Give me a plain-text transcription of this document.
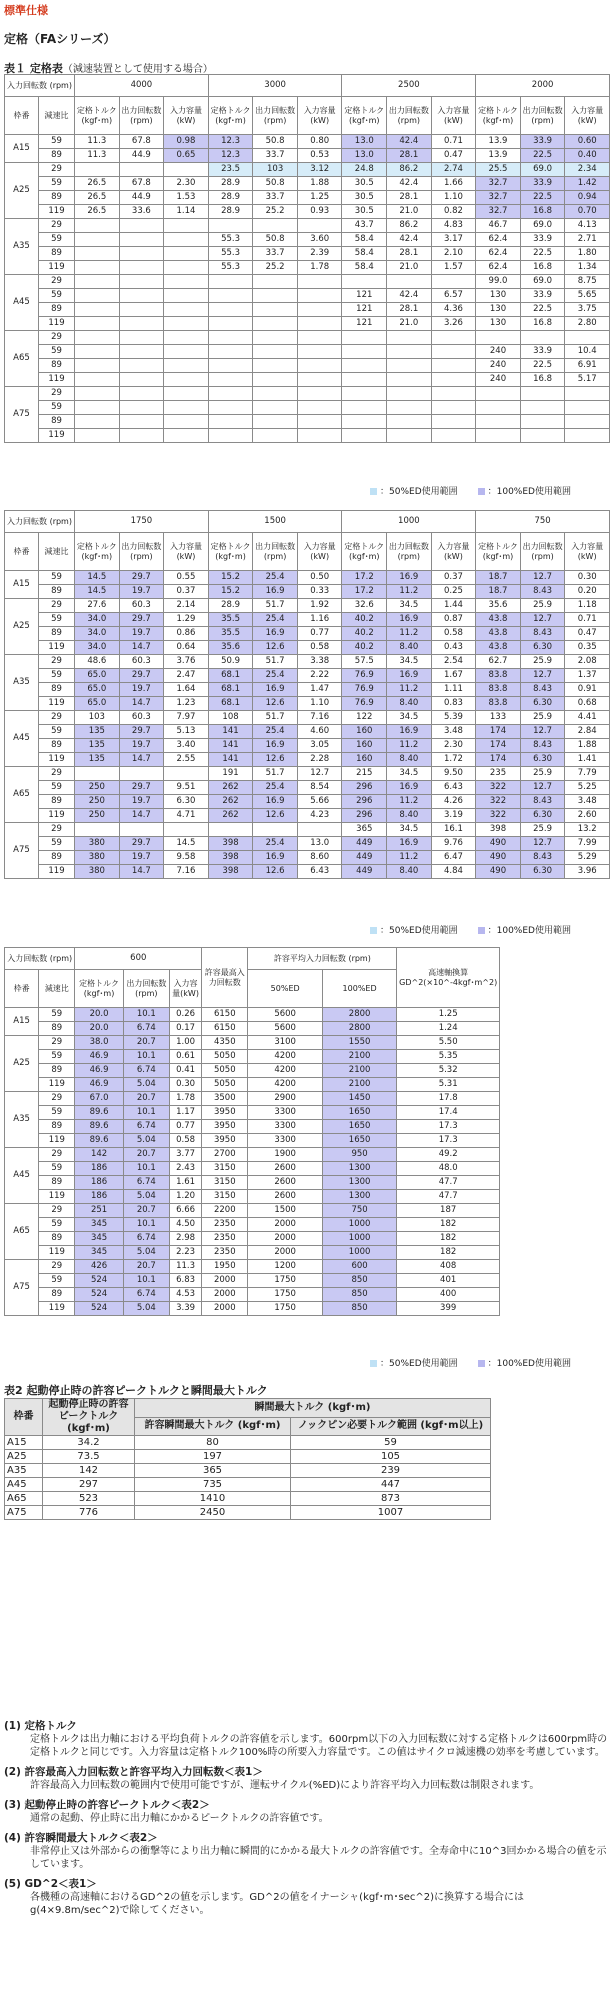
標準仕様
定格（FAシリーズ）
表１ 定格表（減速装置として使用する場合）
入力回転数 (rpm)		4000			3000			2500			2000		
枠番	減速比	定格トルク(kgf･m)	出力回転数(rpm)	入力容量(kW)	定格トルク(kgf･m)	出力回転数(rpm)	入力容量(kW)	定格トルク(kgf･m)	出力回転数(rpm)	入力容量(kW)	定格トルク(kgf･m)	出力回転数(rpm)	入力容量(kW)
A15	59	11.3	67.8	0.98	12.3	50.8	0.80	13.0	42.4	0.71	13.9	33.9	0.60
	89	11.3	44.9	0.65	12.3	33.7	0.53	13.0	28.1	0.47	13.9	22.5	0.40
A25	29				23.5	103	3.12	24.8	86.2	2.74	25.5	69.0	2.34
	59	26.5	67.8	2.30	28.9	50.8	1.88	30.5	42.4	1.66	32.7	33.9	1.42
	89	26.5	44.9	1.53	28.9	33.7	1.25	30.5	28.1	1.10	32.7	22.5	0.94
	119	26.5	33.6	1.14	28.9	25.2	0.93	30.5	21.0	0.82	32.7	16.8	0.70
A35	29							43.7	86.2	4.83	46.7	69.0	4.13
	59				55.3	50.8	3.60	58.4	42.4	3.17	62.4	33.9	2.71
	89				55.3	33.7	2.39	58.4	28.1	2.10	62.4	22.5	1.80
	119				55.3	25.2	1.78	58.4	21.0	1.57	62.4	16.8	1.34
A45	29										99.0	69.0	8.75
	59							121	42.4	6.57	130	33.9	5.65
	89							121	28.1	4.36	130	22.5	3.75
	119							121	21.0	3.26	130	16.8	2.80
A65	29												
	59										240	33.9	10.4
	89										240	22.5	6.91
	119										240	16.8	5.17
A75	29												
	59												
	89												
	119												
：50%ED使用範囲	：100%ED使用範囲
入力回転数 (rpm)		1750			1500			1000			750		
枠番	減速比	定格トルク(kgf･m)	出力回転数(rpm)	入力容量(kW)	定格トルク(kgf･m)	出力回転数(rpm)	入力容量(kW)	定格トルク(kgf･m)	出力回転数(rpm)	入力容量(kW)	定格トルク(kgf･m)	出力回転数(rpm)	入力容量(kW)
A15	59	14.5	29.7	0.55	15.2	25.4	0.50	17.2	16.9	0.37	18.7	12.7	0.30
	89	14.5	19.7	0.37	15.2	16.9	0.33	17.2	11.2	0.25	18.7	8.43	0.20
A25	29	27.6	60.3	2.14	28.9	51.7	1.92	32.6	34.5	1.44	35.6	25.9	1.18
	59	34.0	29.7	1.29	35.5	25.4	1.16	40.2	16.9	0.87	43.8	12.7	0.71
	89	34.0	19.7	0.86	35.5	16.9	0.77	40.2	11.2	0.58	43.8	8.43	0.47
	119	34.0	14.7	0.64	35.6	12.6	0.58	40.2	8.40	0.43	43.8	6.30	0.35
A35	29	48.6	60.3	3.76	50.9	51.7	3.38	57.5	34.5	2.54	62.7	25.9	2.08
	59	65.0	29.7	2.47	68.1	25.4	2.22	76.9	16.9	1.67	83.8	12.7	1.37
	89	65.0	19.7	1.64	68.1	16.9	1.47	76.9	11.2	1.11	83.8	8.43	0.91
	119	65.0	14.7	1.23	68.1	12.6	1.10	76.9	8.40	0.83	83.8	6.30	0.68
A45	29	103	60.3	7.97	108	51.7	7.16	122	34.5	5.39	133	25.9	4.41
	59	135	29.7	5.13	141	25.4	4.60	160	16.9	3.48	174	12.7	2.84
	89	135	19.7	3.40	141	16.9	3.05	160	11.2	2.30	174	8.43	1.88
	119	135	14.7	2.55	141	12.6	2.28	160	8.40	1.72	174	6.30	1.41
A65	29				191	51.7	12.7	215	34.5	9.50	235	25.9	7.79
	59	250	29.7	9.51	262	25.4	8.54	296	16.9	6.43	322	12.7	5.25
	89	250	19.7	6.30	262	16.9	5.66	296	11.2	4.26	322	8.43	3.48
	119	250	14.7	4.71	262	12.6	4.23	296	8.40	3.19	322	6.30	2.60
A75	29							365	34.5	16.1	398	25.9	13.2
	59	380	29.7	14.5	398	25.4	13.0	449	16.9	9.76	490	12.7	7.99
	89	380	19.7	9.58	398	16.9	8.60	449	11.2	6.47	490	8.43	5.29
	119	380	14.7	7.16	398	12.6	6.43	449	8.40	4.84	490	6.30	3.96
：50%ED使用範囲	：100%ED使用範囲
入力回転数 (rpm)		600			許容最高入力回転数	許容平均入力回転数 (rpm)		高速軸換算GD^2(×10^-4kgf･m^2)
枠番	減速比	定格トルク(kgf･m)	出力回転数(rpm)	入力容量(kW)		50%ED	100%ED	
A15	59	20.0	10.1	0.26	6150	5600	2800	1.25
	89	20.0	6.74	0.17	6150	5600	2800	1.24
A25	29	38.0	20.7	1.00	4350	3100	1550	5.50
	59	46.9	10.1	0.61	5050	4200	2100	5.35
	89	46.9	6.74	0.41	5050	4200	2100	5.32
	119	46.9	5.04	0.30	5050	4200	2100	5.31
A35	29	67.0	20.7	1.78	3500	2900	1450	17.8
	59	89.6	10.1	1.17	3950	3300	1650	17.4
	89	89.6	6.74	0.77	3950	3300	1650	17.3
	119	89.6	5.04	0.58	3950	3300	1650	17.3
A45	29	142	20.7	3.77	2700	1900	950	49.2
	59	186	10.1	2.43	3150	2600	1300	48.0
	89	186	6.74	1.61	3150	2600	1300	47.7
	119	186	5.04	1.20	3150	2600	1300	47.7
A65	29	251	20.7	6.66	2200	1500	750	187
	59	345	10.1	4.50	2350	2000	1000	182
	89	345	6.74	2.98	2350	2000	1000	182
	119	345	5.04	2.23	2350	2000	1000	182
A75	29	426	20.7	11.3	1950	1200	600	408
	59	524	10.1	6.83	2000	1750	850	401
	89	524	6.74	4.53	2000	1750	850	400
	119	524	5.04	3.39	2000	1750	850	399
：50%ED使用範囲	：100%ED使用範囲
表2 起動停止時の許容ピークトルクと瞬間最大トルク
枠番	起動停止時の許容ピークトルク(kgf･m)	瞬間最大トルク (kgf･m)	
		許容瞬間最大トルク (kgf･m)	ノックピン必要トルク範囲 (kgf･m以上)
A15	34.2	80	59
A25	73.5	197	105
A35	142	365	239
A45	297	735	447
A65	523	1410	873
A75	776	2450	1007
(1) 定格トルク
定格トルクは出力軸における平均負荷トルクの許容値を示します。600rpm以下の入力回転数に対する定格トルクは600rpm時の定格トルクと同じです。入力容量は定格トルク100%時の所要入力容量です。この値はサイクロ減速機の効率を考慮しています。
(2) 許容最高入力回転数と許容平均入力回転数＜表1＞
許容最高入力回転数の範囲内で使用可能ですが、運転サイクル(%ED)により許容平均入力回転数は制限されます。
(3) 起動停止時の許容ピークトルク＜表2＞
通常の起動、停止時に出力軸にかかるピークトルクの許容値です。
(4) 許容瞬間最大トルク＜表2＞
非常停止又は外部からの衝撃等により出力軸に瞬間的にかかる最大トルクの許容値です。全寿命中に10^3回かかる場合の値を示しています。
(5) GD^2＜表1＞
各機種の高速軸におけるGD^2の値を示します。GD^2の値をイナーシャ(kgf･m･sec^2)に換算する場合にはg(4×9.8m/sec^2)で除してください。
